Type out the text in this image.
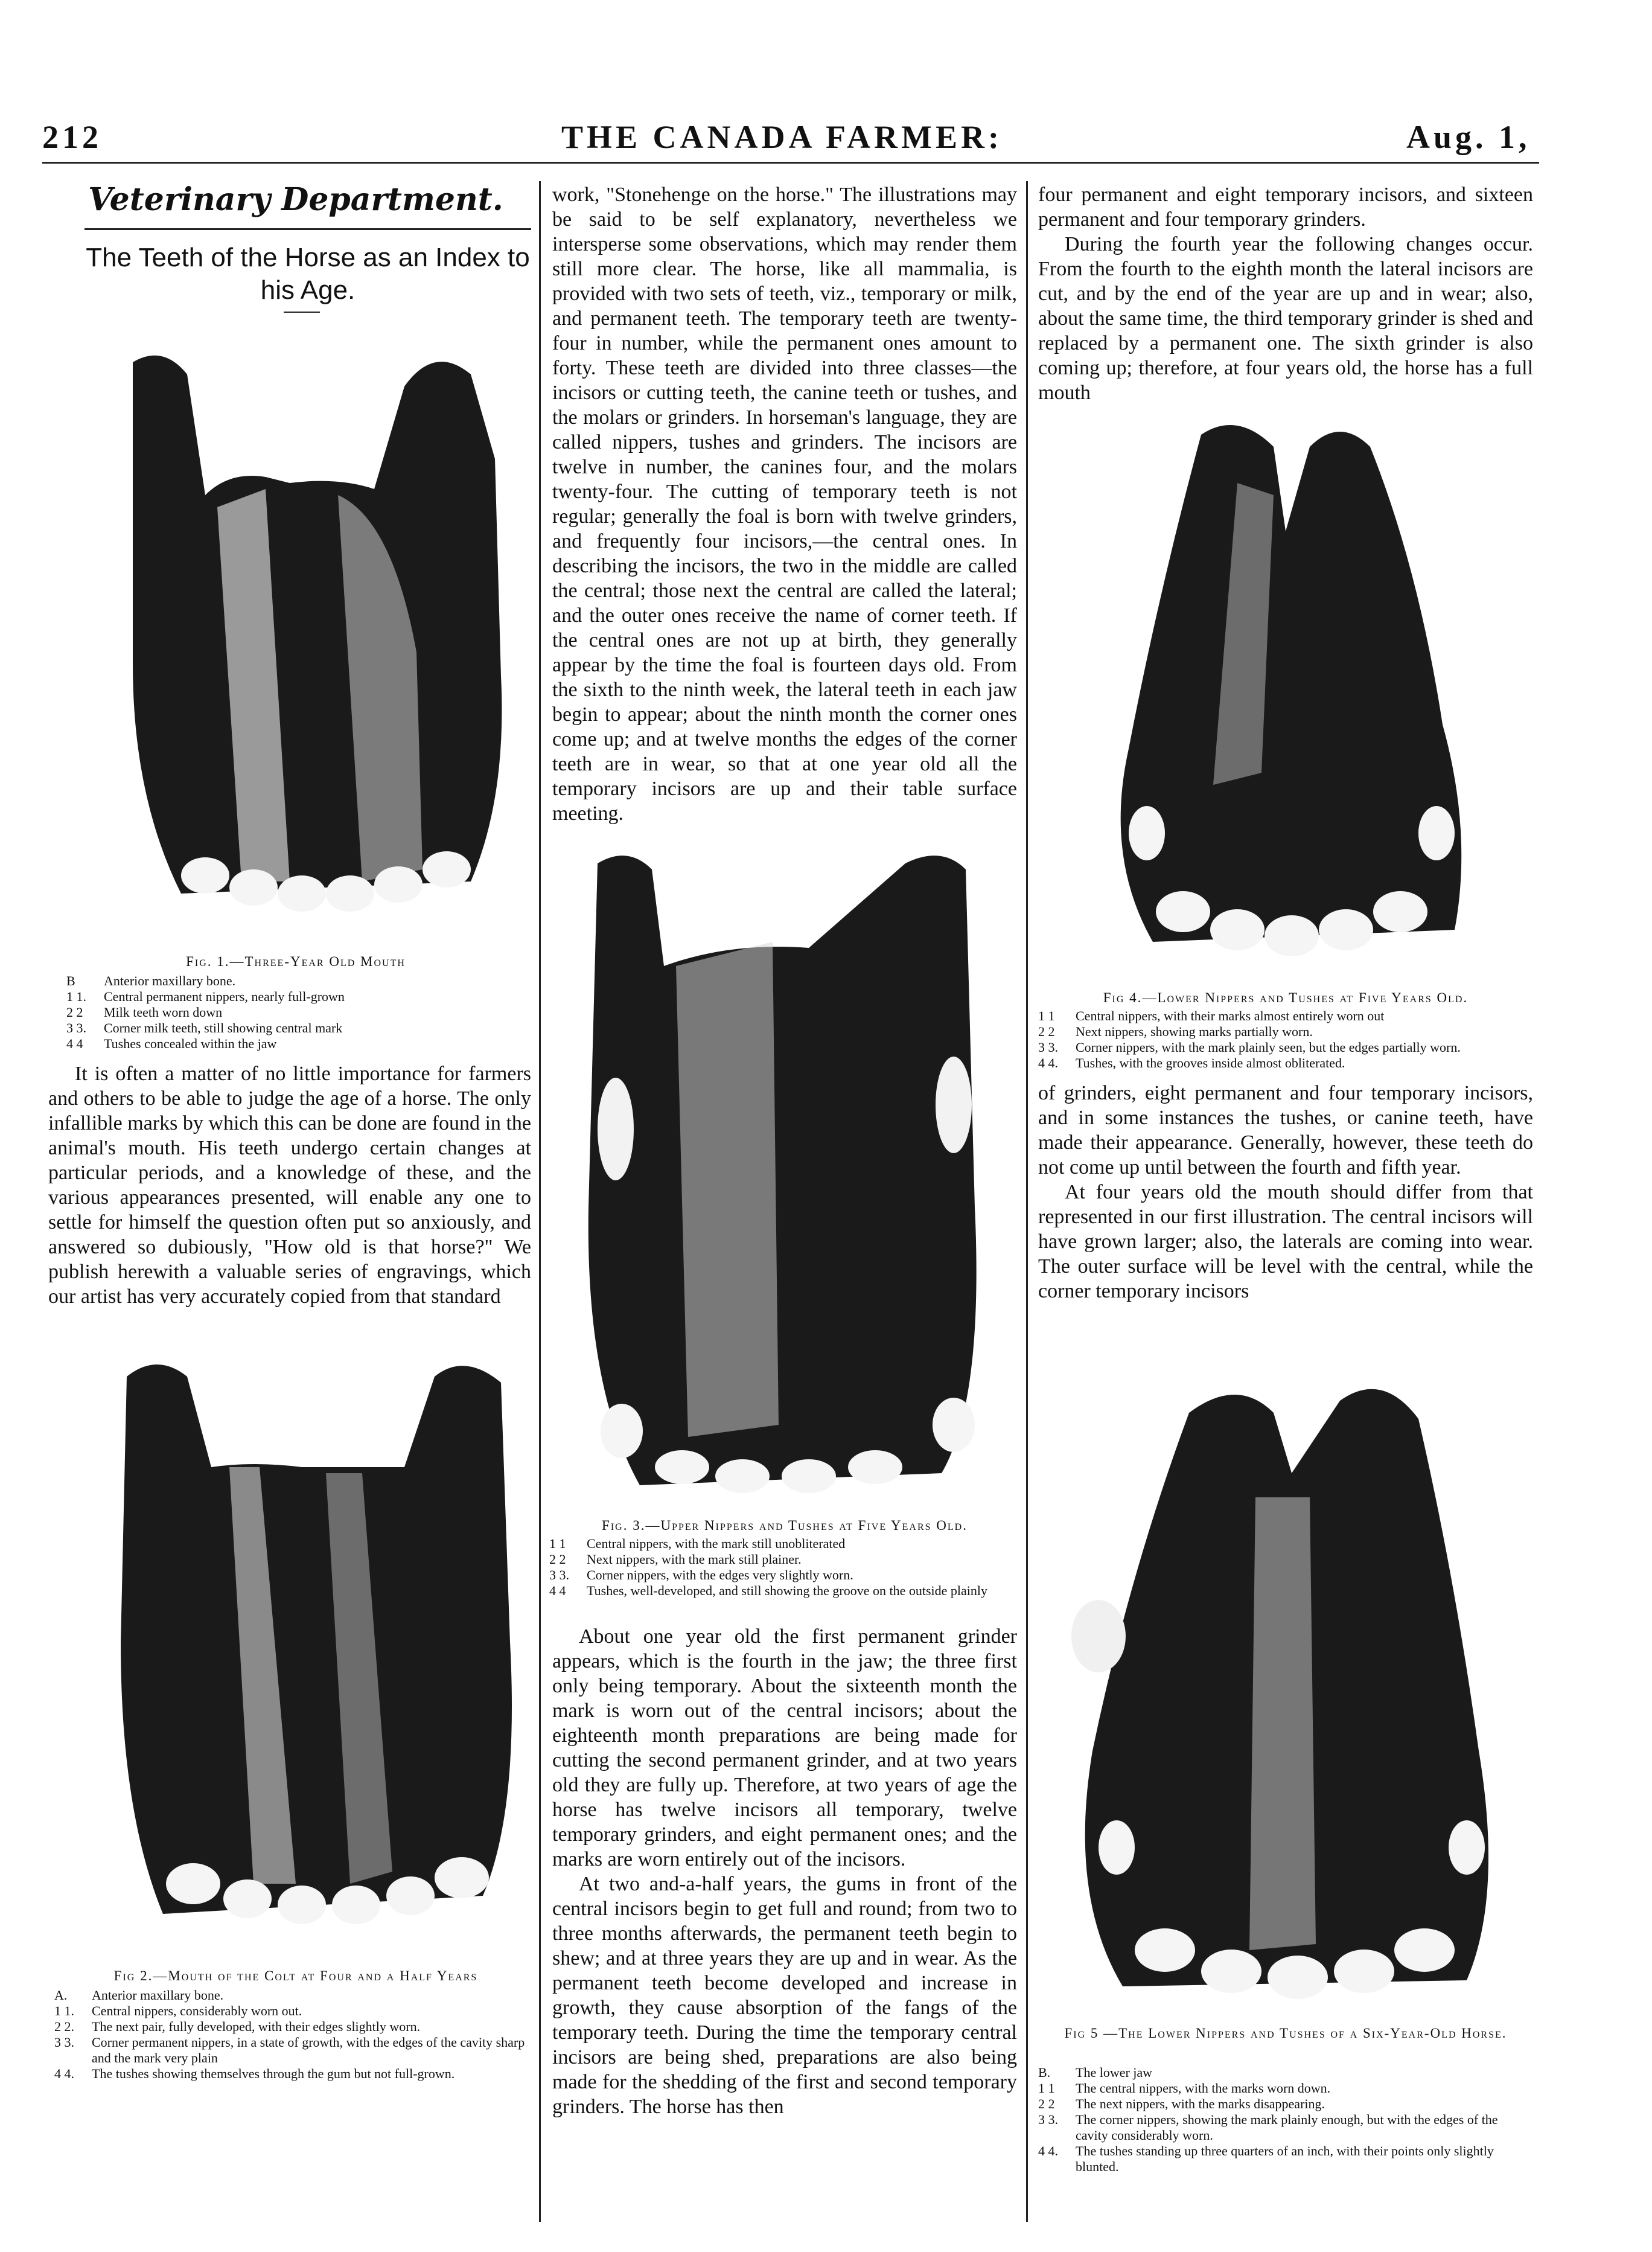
212	THE CANADA FARMER:	Aug. 1,
Veterinary Department.
The Teeth of the Horse as an Index to his Age.
Fig. 1.—Three-Year Old Mouth
B	Anterior maxillary bone.
1 1.	Central permanent nippers, nearly full-grown
2 2	Milk teeth worn down
3 3.	Corner milk teeth, still showing central mark
4 4	Tushes concealed within the jaw

It is often a matter of no little importance for farmers and others to be able to judge the age of a horse. The only infallible marks by which this can be done are found in the animal's mouth. His teeth undergo certain changes at particular periods, and a knowledge of these, and the various appearances presented, will enable any one to settle for himself the question often put so anxiously, and answered so dubiously, "How old is that horse?" We publish herewith a valuable series of engravings, which our artist has very accurately copied from that standard

Fig 2.—Mouth of the Colt at Four and a Half Years
A.	Anterior maxillary bone.
1 1.	Central nippers, considerably worn out.
2 2.	The next pair, fully developed, with their edges slightly worn.
3 3.	Corner permanent nippers, in a state of growth, with the edges of the cavity sharp and the mark very plain
4 4.	The tushes showing themselves through the gum but not full-grown.

work, "Stonehenge on the horse." The illustrations may be said to be self explanatory, nevertheless we intersperse some observations, which may render them still more clear. The horse, like all mammalia, is provided with two sets of teeth, viz., temporary or milk, and permanent teeth. The temporary teeth are twenty-four in number, while the permanent ones amount to forty. These teeth are divided into three classes—the incisors or cutting teeth, the canine teeth or tushes, and the molars or grinders. In horseman's language, they are called nippers, tushes and grinders. The incisors are twelve in number, the canines four, and the molars twenty-four. The cutting of temporary teeth is not regular; generally the foal is born with twelve grinders, and frequently four incisors,—the central ones. In describing the incisors, the two in the middle are called the central; those next the central are called the lateral; and the outer ones receive the name of corner teeth. If the central ones are not up at birth, they generally appear by the time the foal is fourteen days old. From the sixth to the ninth week, the lateral teeth in each jaw begin to appear; about the ninth month the corner ones come up; and at twelve months the edges of the corner teeth are in wear, so that at one year old all the temporary incisors are up and their table surface meeting.

Fig. 3.—Upper Nippers and Tushes at Five Years Old.
1 1	Central nippers, with the mark still unobliterated
2 2	Next nippers, with the mark still plainer.
3 3.	Corner nippers, with the edges very slightly worn.
4 4	Tushes, well-developed, and still showing the groove on the outside plainly

About one year old the first permanent grinder appears, which is the fourth in the jaw; the three first only being temporary. About the sixteenth month the mark is worn out of the central incisors; about the eighteenth month preparations are being made for cutting the second permanent grinder, and at two years old they are fully up. Therefore, at two years of age the horse has twelve incisors all temporary, twelve temporary grinders, and eight permanent ones; and the marks are worn entirely out of the incisors.

At two and-a-half years, the gums in front of the central incisors begin to get full and round; from two to three months afterwards, the permanent teeth begin to shew; and at three years they are up and in wear. As the permanent teeth become developed and increase in growth, they cause absorption of the fangs of the temporary teeth. During the time the temporary central incisors are being shed, preparations are also being made for the shedding of the first and second temporary grinders. The horse has then

four permanent and eight temporary incisors, and sixteen permanent and four temporary grinders.

During the fourth year the following changes occur. From the fourth to the eighth month the lateral incisors are cut, and by the end of the year are up and in wear; also, about the same time, the third temporary grinder is shed and replaced by a permanent one. The sixth grinder is also coming up; therefore, at four years old, the horse has a full mouth

Fig 4.—Lower Nippers and Tushes at Five Years Old.
1 1	Central nippers, with their marks almost entirely worn out
2 2	Next nippers, showing marks partially worn.
3 3.	Corner nippers, with the mark plainly seen, but the edges partially worn.
4 4.	Tushes, with the grooves inside almost obliterated.

of grinders, eight permanent and four temporary incisors, and in some instances the tushes, or canine teeth, have made their appearance. Generally, however, these teeth do not come up until between the fourth and fifth year.

At four years old the mouth should differ from that represented in our first illustration. The central incisors will have grown larger; also, the laterals are coming into wear. The outer surface will be level with the central, while the corner temporary incisors

Fig 5 —The Lower Nippers and Tushes of a Six-Year-Old Horse.
B.	The lower jaw
1 1	The central nippers, with the marks worn down.
2 2	The next nippers, with the marks disappearing.
3 3.	The corner nippers, showing the mark plainly enough, but with the edges of the cavity considerably worn.
4 4.	The tushes standing up three quarters of an inch, with their points only slightly blunted.
